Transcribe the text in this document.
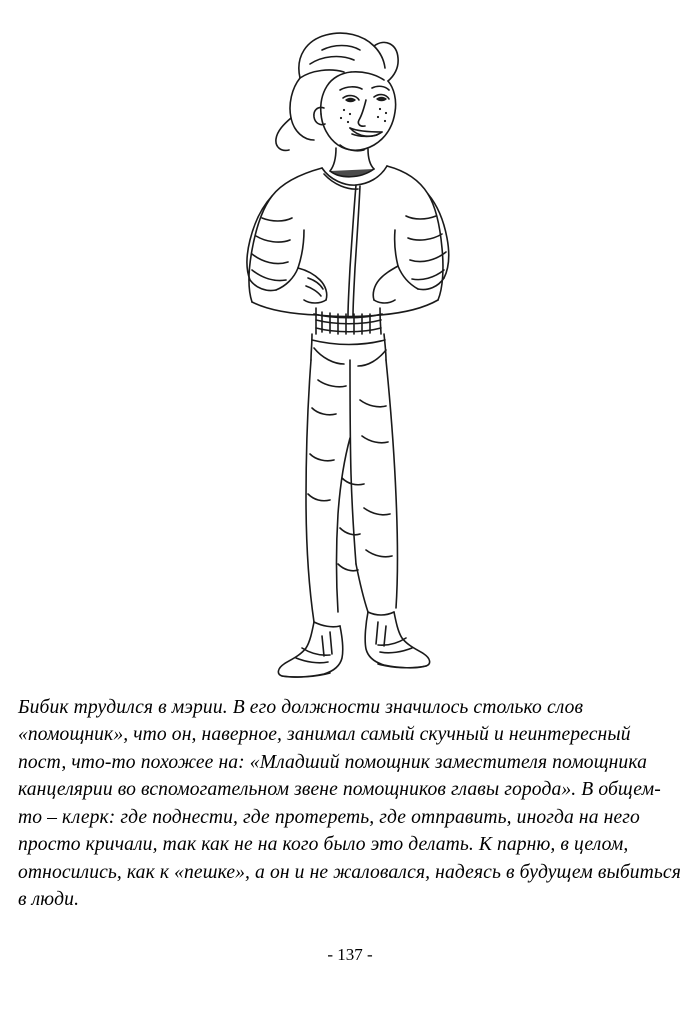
Бибик трудился в мэрии. В его должности значилось столько слов «помощник», что он, наверное, занимал самый скучный и неинтересный пост, что-то похожее на: «Младший помощник заместителя помощника канцелярии во вспомогательном звене помощников главы города». В общем-то – клерк: где поднести, где протереть, где отправить, иногда на него просто кричали, так как не на кого было это делать. К парню, в целом, относились, как к «пешке», а он и не жаловался, надеясь в будущем выбиться в люди.
- 137 -
